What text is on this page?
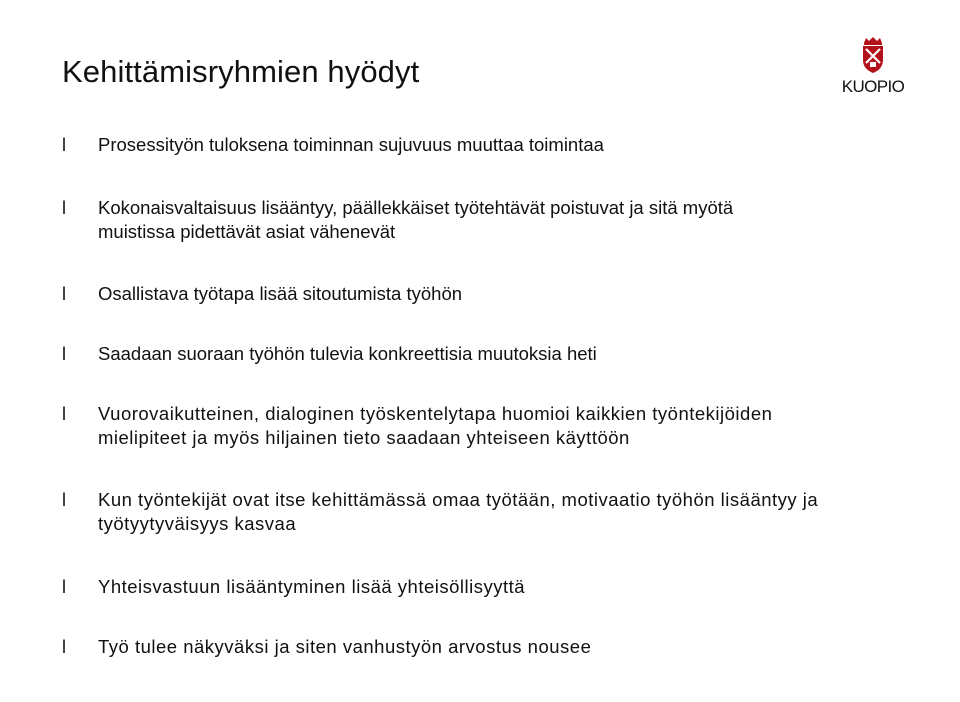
Kehittämisryhmien hyödyt	KUOPIO
l Prosessityön tuloksena toiminnan sujuvuus muuttaa toimintaa
l Kokonaisvaltaisuus lisääntyy, päällekkäiset työtehtävät poistuvat ja sitä myötä
muistissa pidettävät asiat vähenevät
l Osallistava työtapa lisää sitoutumista työhön
l Saadaan suoraan työhön tulevia konkreettisia muutoksia heti
l Vuorovaikutteinen, dialoginen työskentelytapa huomioi kaikkien työntekijöiden
mielipiteet ja myös hiljainen tieto saadaan yhteiseen käyttöön
l Kun työntekijät ovat itse kehittämässä omaa työtään, motivaatio työhön lisääntyy ja
työtyytyväisyys kasvaa
l Yhteisvastuun lisääntyminen lisää yhteisöllisyyttä
l Työ tulee näkyväksi ja siten vanhustyön arvostus nousee
